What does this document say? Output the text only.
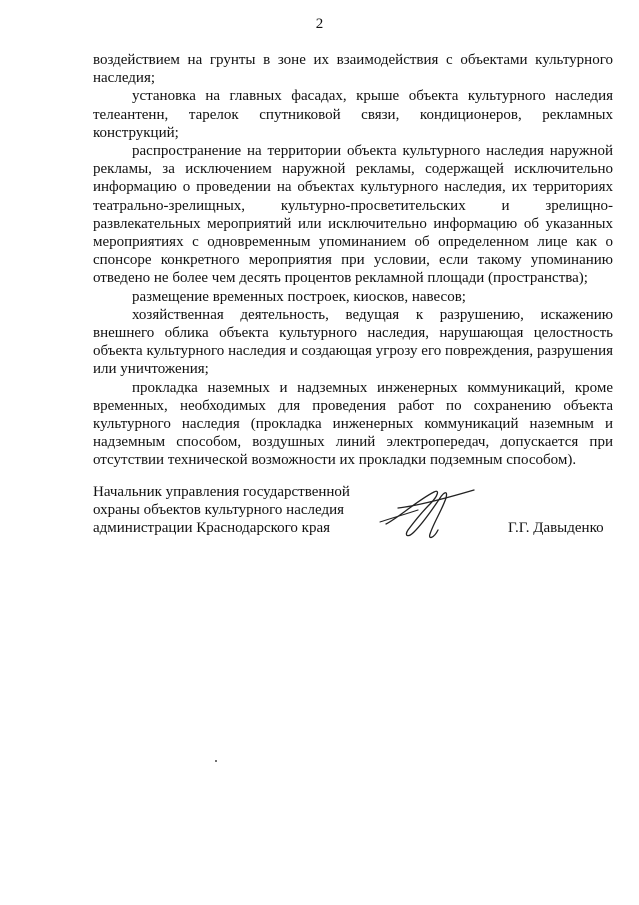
2

воздействием на грунты в зоне их взаимодействия с объектами культурного наследия;

установка на главных фасадах, крыше объекта культурного наследия телеантенн, тарелок спутниковой связи, кондиционеров, рекламных конструкций;

распространение на территории объекта культурного наследия наружной рекламы, за исключением наружной рекламы, содержащей исключительно информацию о проведении на объектах культурного наследия, их территориях театрально-зрелищных, культурно-просветительских и зрелищно-развлекательных мероприятий или исключительно информацию об указанных мероприятиях с одновременным упоминанием об определенном лице как о спонсоре конкретного мероприятия при условии, если такому упоминанию отведено не более чем десять процентов рекламной площади (пространства);

размещение временных построек, киосков, навесов;

хозяйственная деятельность, ведущая к разрушению, искажению внешнего облика объекта культурного наследия, нарушающая целостность объекта культурного наследия и создающая угрозу его повреждения, разрушения или уничтожения;

прокладка наземных и надземных инженерных коммуникаций, кроме временных, необходимых для проведения работ по сохранению объекта культурного наследия (прокладка инженерных коммуникаций наземным и надземным способом, воздушных линий электропередач, допускается при отсутствии технической возможности их прокладки подземным способом).

Начальник управления государственной
охраны объектов культурного наследия
администрации Краснодарского края	Г.Г. Давыденко
